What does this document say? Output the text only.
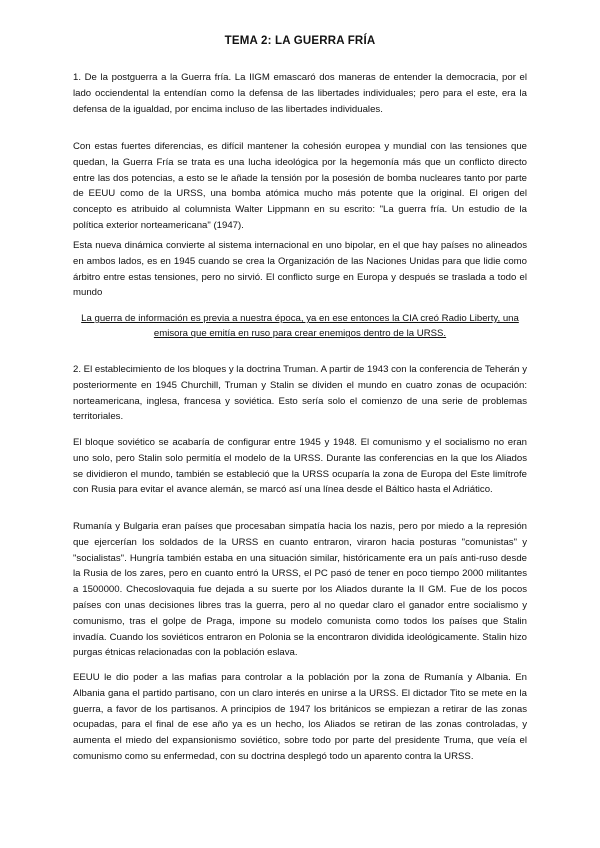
TEMA 2: LA GUERRA FRÍA

1. De la postguerra a la Guerra fría. La IIGM emascaró dos maneras de entender la democracia, por el lado occiendental la entendían como la defensa de las libertades individuales; pero para el este, era la defensa de la igualdad, por encima incluso de las libertades individuales.

Con estas fuertes diferencias, es difícil mantener la cohesión europea y mundial con las tensiones que quedan, la Guerra Fría se trata es una lucha ideológica por la hegemonía más que un conflicto directo entre las dos potencias, a esto se le añade la tensión por la posesión de bomba nucleares tanto por parte de EEUU como de la URSS, una bomba atómica mucho más potente que la original. El origen del concepto es atribuido al columnista Walter Lippmann en su escrito: "La guerra fría. Un estudio de la política exterior norteamericana" (1947).

Esta nueva dinámica convierte al sistema internacional en uno bipolar, en el que hay países no alineados en ambos lados, es en 1945 cuando se crea la Organización de las Naciones Unidas para que lidie como árbitro entre estas tensiones, pero no sirvió. El conflicto surge en Europa y después se traslada a todo el mundo

La guerra de información es previa a nuestra época, ya en ese entonces la CIA creó Radio Liberty, una emisora que emitía en ruso para crear enemigos dentro de la URSS.

2. El establecimiento de los bloques y la doctrina Truman. A partir de 1943 con la conferencia de Teherán y posteriormente en 1945 Churchill, Truman y Stalin se dividen el mundo en cuatro zonas de ocupación: norteamericana, inglesa, francesa y soviética. Esto sería solo el comienzo de una serie de problemas territoriales.

El bloque soviético se acabaría de configurar entre 1945 y 1948. El comunismo y el socialismo no eran uno solo, pero Stalin solo permitía el modelo de la URSS. Durante las conferencias en la que los Aliados se dividieron el mundo, también se estableció que la URSS ocuparía la zona de Europa del Este limítrofe con Rusia para evitar el avance alemán, se marcó así una línea desde el Báltico hasta el Adriático.

Rumanía y Bulgaria eran países que procesaban simpatía hacia los nazis, pero por miedo a la represión que ejercerían los soldados de la URSS en cuanto entraron, viraron hacia posturas "comunistas" y "socialistas". Hungría también estaba en una situación similar, históricamente era un país anti-ruso desde la Rusia de los zares, pero en cuanto entró la URSS, el PC pasó de tener en poco tiempo 2000 militantes a 1500000. Checoslovaquia fue dejada a su suerte por los Aliados durante la II GM. Fue de los pocos países con unas decisiones libres tras la guerra, pero al no quedar claro el ganador entre socialismo y comunismo, tras el golpe de Praga, impone su modelo comunista como todos los países que Stalin invadía. Cuando los soviéticos entraron en Polonia se la encontraron dividida ideológicamente. Stalin hizo purgas étnicas relacionadas con la población eslava.

EEUU le dio poder a las mafias para controlar a la población por la zona de Rumanía y Albania. En Albania gana el partido partisano, con un claro interés en unirse a la URSS. El dictador Tito se mete en la guerra, a favor de los partisanos. A principios de 1947 los británicos se empiezan a retirar de las zonas ocupadas, para el final de ese año ya es un hecho, los Aliados se retiran de las zonas controladas, y aumenta el miedo del expansionismo soviético, sobre todo por parte del presidente Truma, que veía el comunismo como su enfermedad, con su doctrina desplegó todo un aparento contra la URSS.
